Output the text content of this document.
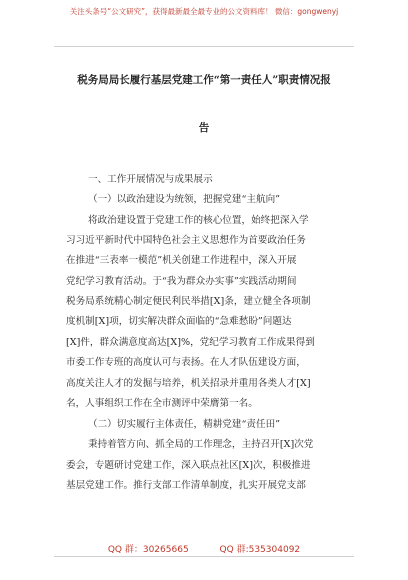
关注头条号“公文研究”，获得最新最全最专业的公文资料库！ 微信：gongwenyj
税务局局长履行基层党建工作“第一责任人”职责情况报
告
一、工作开展情况与成果展示
（一）以政治建设为统领，把握党建“主航向”
将政治建设置于党建工作的核心位置，始终把深入学
习习近平新时代中国特色社会主义思想作为首要政治任务
在推进“三表率一模范”机关创建工作进程中，深入开展
党纪学习教育活动。于“我为群众办实事”实践活动期间
税务局系统精心制定便民利民举措[X]条，建立健全各项制
度机制[X]项，切实解决群众面临的“急难愁盼”问题达
[X]件，群众满意度高达[X]%，党纪学习教育工作成果得到
市委工作专班的高度认可与表扬。在人才队伍建设方面，
高度关注人才的发掘与培养，机关招录并重用各类人才[X]
名，人事组织工作在全市测评中荣膺第一名。
（二）切实履行主体责任，精耕党建“责任田”
秉持着管方向、抓全局的工作理念，主持召开[X]次党
委会，专题研讨党建工作，深入联点社区[X]次，积极推进
基层党建工作。推行支部工作清单制度，扎实开展党支部
QQ 群：30265665	QQ 群:535304092
